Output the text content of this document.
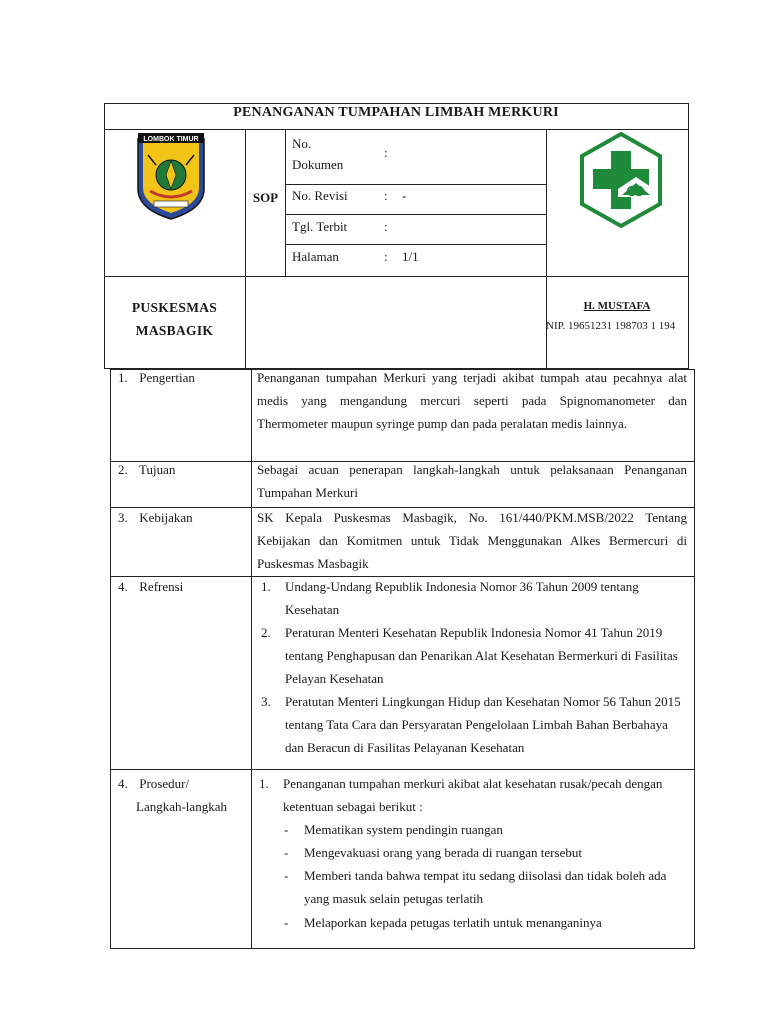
PENANGANAN TUMPAHAN LIMBAH MERKURI
LOMBOK TIMUR
SOP
No.
Dokumen
:
No. Revisi	: -
Tgl. Terbit	:
Halaman	: 1/1
PUSKESMAS
MASBAGIK
H. MUSTAFA
NIP. 19651231 198703 1 194
1. Pengertian	Penanganan tumpahan Merkuri yang terjadi akibat tumpah atau pecahnya alat medis yang mengandung mercuri seperti pada Spignomanometer dan Thermometer maupun syringe pump dan pada peralatan medis lainnya.
2. Tujuan	Sebagai acuan penerapan langkah-langkah untuk pelaksanaan Penanganan Tumpahan Merkuri
3. Kebijakan	SK Kepala Puskesmas Masbagik, No. 161/440/PKM.MSB/2022 Tentang Kebijakan dan Komitmen untuk Tidak Menggunakan Alkes Bermercuri di Puskesmas Masbagik
4. Refrensi	1.	Undang-Undang Republik Indonesia Nomor 36 Tahun 2009 tentang Kesehatan
2.	Peraturan Menteri Kesehatan Republik Indonesia Nomor 41 Tahun 2019 tentang Penghapusan dan Penarikan Alat Kesehatan Bermerkuri di Fasilitas Pelayan Kesehatan
3.	Peratutan Menteri Lingkungan Hidup dan Kesehatan Nomor 56 Tahun 2015 tentang Tata Cara dan Persyaratan Pengelolaan Limbah Bahan Berbahaya dan Beracun di Fasilitas Pelayanan Kesehatan
4. Prosedur/
Langkah-langkah
1.	Penanganan tumpahan merkuri akibat alat kesehatan rusak/pecah dengan ketentuan sebagai berikut :
-	Mematikan system pendingin ruangan
-	Mengevakuasi orang yang berada di ruangan tersebut
-	Memberi tanda bahwa tempat itu sedang diisolasi dan tidak boleh ada yang masuk selain petugas terlatih
-	Melaporkan kepada petugas terlatih untuk menanganinya
